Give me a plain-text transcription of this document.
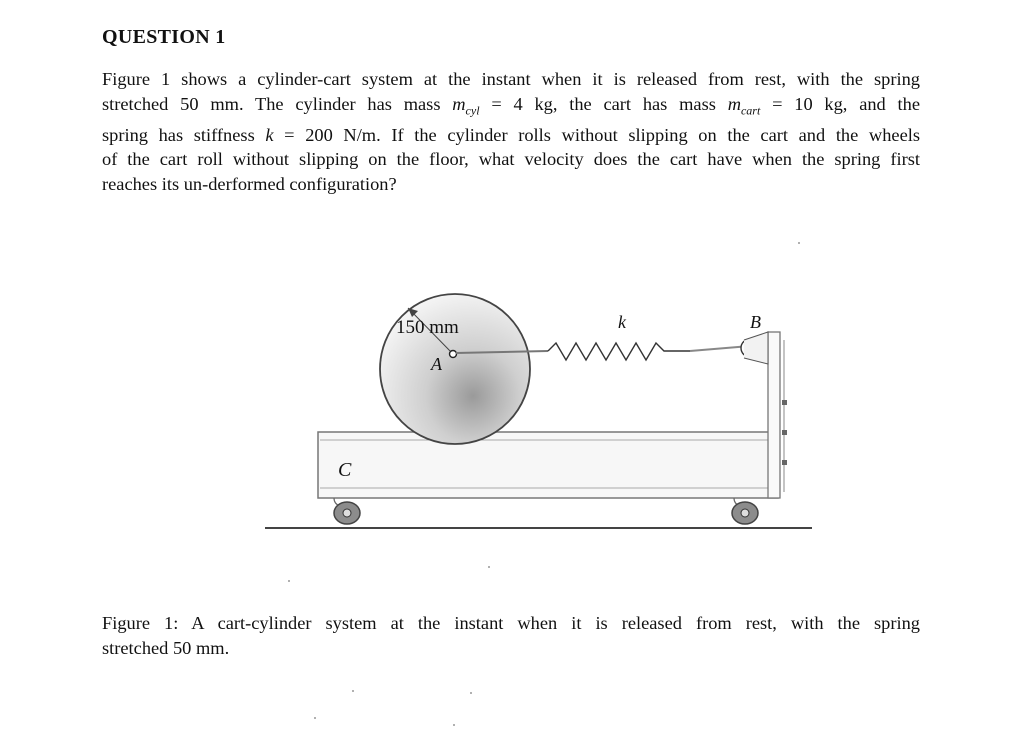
QUESTION 1
Figure 1 shows a cylinder-cart system at the instant when it is released from rest, with the spring
stretched 50 mm. The cylinder has mass $m_{cyl} = 4$ kg, the cart has mass $m_{cart} = 10$ kg, and the
spring has stiffness k = 200 N/m. If the cylinder rolls without slipping on the cart and the wheels
of the cart roll without slipping on the floor, what velocity does the cart have when the spring first
reaches its un-derformed configuration?
150 mm
A
k	B
C
Figure 1: A cart-cylinder system at the instant when it is released from rest, with the spring
stretched 50 mm.
